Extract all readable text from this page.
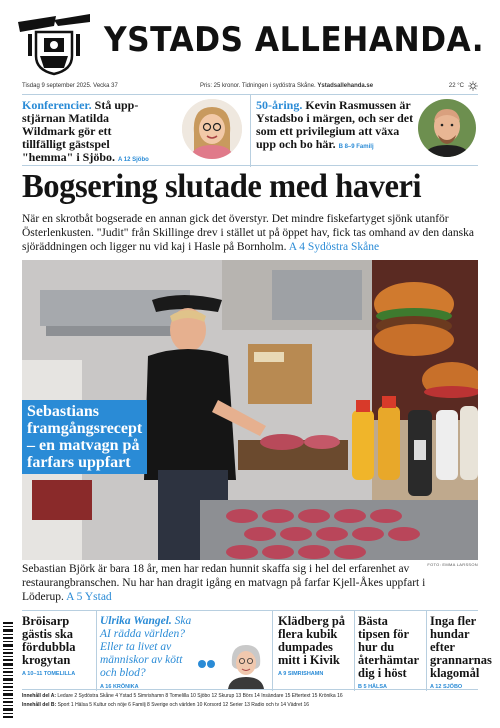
YSTADS ALLEHANDA.
Tisdag 9 september 2025. Vecka 37	Pris: 25 kronor. Tidningen i sydöstra Skåne. Ystadsallehanda.se	22 °C
Konferencier. Stå upp-stjärnan Matilda Wildmark gör ett tillfälligt gästspel "hemma" i Sjöbo. A 12 Sjöbo
50-åring. Kevin Rasmussen är Ystadsbo i märgen, och ser det som ett privilegium att växa upp och bo här. B 8–9 Familj
Bogsering slutade med haveri
När en skrotbåt bogserade en annan gick det överstyr. Det mindre fiskefartyget sjönk utanför Österlenkusten. "Judit" från Skillinge drev i stället ut på öppet hav, fick tas omhand av den danska sjöräddningen och ligger nu vid kaj i Hasle på Bornholm. A 4 Sydöstra Skåne
Sebastians
framgångsrecept
– en matvagn på
farfars uppfart
FOTO: EMMA LARSSON
Sebastian Björk är bara 18 år, men har redan hunnit skaffa sig i hel del erfarenhet av restaurangbranschen. Nu har han dragit igång en matvagn på farfar Kjell-Åkes uppfart i Löderup. A 5 Ystad
Bröisarp gästis ska fördubbla krogytan
A 10–11 TOMELILLA
Ulrika Wangel. Ska AI rädda världen? Eller ta livet av människor av kött och blod?
A 16 KRÖNIKA
Klädberg på flera kubik dumpades mitt i Kivik
A 9 SIMRISHAMN
Bästa tipsen för hur du återhämtar dig i höst
B 5 HÄLSA
Inga fler hundar efter grannarnas klagomål
A 12 SJÖBO
Innehåll del A: Ledare 2 Sydöstra Skåne 4 Ystad 5 Simrishamn 8 Tomelilla 10 Sjöbo 12 Skurup 13 Börs 14 Insändare 15 Eftertext 15 Krönika 16
Innehåll del B: Sport 1 Hälsa 5 Kultur och nöje 6 Familj 8 Sverige och världen 10 Korsord 12 Serier 13 Radio och tv 14 Vädret 16
